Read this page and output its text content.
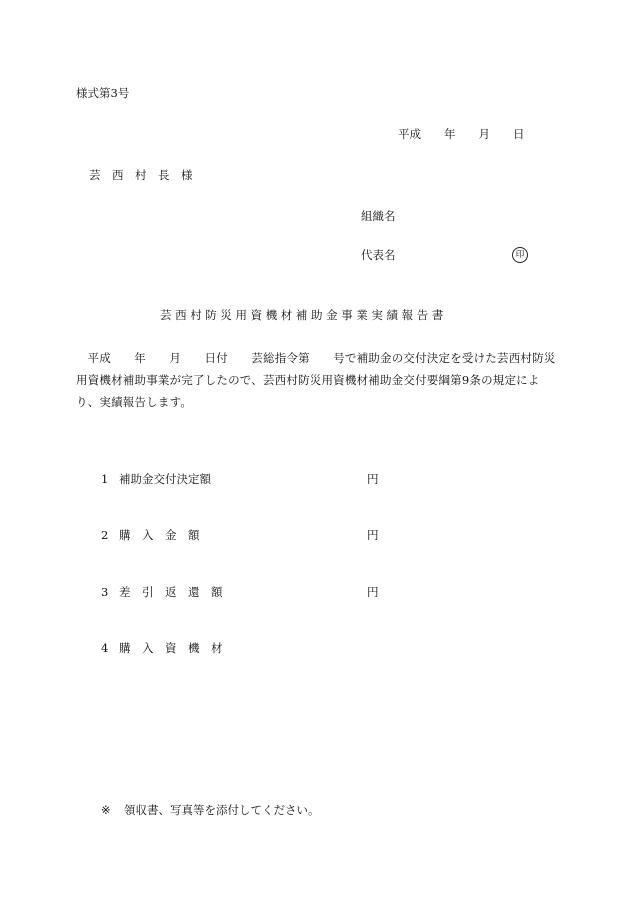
様式第3号
平成　　年　　月　　日
芸　西　村　長　様
組織名
代表名	印
芸西村防災用資機材補助金事業実績報告書
平成　　年　　月　　日付　　芸総指令第　　号で補助金の交付決定を受けた芸西村防災用資機材補助事業が完了したので、芸西村防災用資機材補助金交付要綱第9条の規定により、実績報告します。
1 補助金交付決定額	円
2 購　入　金　額	円
3 差　引　返　還　額	円
4 購　入　資　機　材
※ 領収書、写真等を添付してください。
